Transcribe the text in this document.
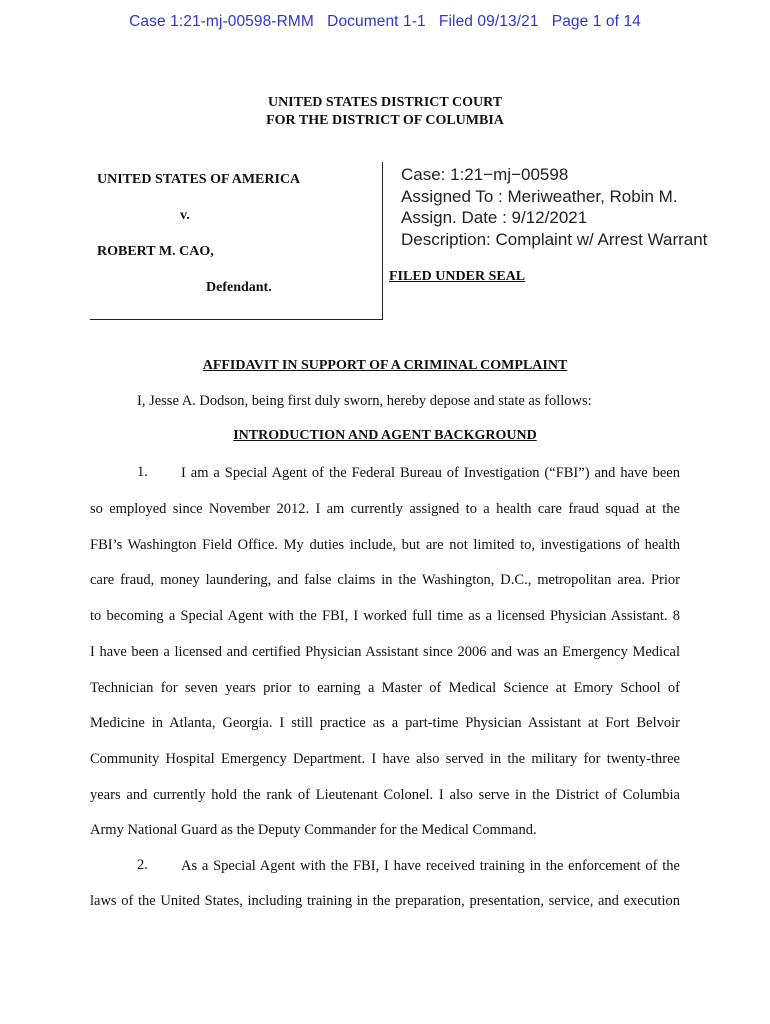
Case 1:21-mj-00598-RMM   Document 1-1   Filed 09/13/21   Page 1 of 14
UNITED STATES DISTRICT COURT
FOR THE DISTRICT OF COLUMBIA
UNITED STATES OF AMERICA
v.
ROBERT M. CAO,
Defendant.
Case: 1:21−mj−00598
Assigned To : Meriweather, Robin M.
Assign. Date : 9/12/2021
Description: Complaint w/ Arrest Warrant
FILED UNDER SEAL
AFFIDAVIT IN SUPPORT OF A CRIMINAL COMPLAINT
I, Jesse A. Dodson, being first duly sworn, hereby depose and state as follows:
INTRODUCTION AND AGENT BACKGROUND
1. I am a Special Agent of the Federal Bureau of Investigation (“FBI”) and have been
so employed since November 2012. I am currently assigned to a health care fraud squad at the
FBI’s Washington Field Office. My duties include, but are not limited to, investigations of health
care fraud, money laundering, and false claims in the Washington, D.C., metropolitan area. Prior
to becoming a Special Agent with the FBI, I worked full time as a licensed Physician Assistant. 8
I have been a licensed and certified Physician Assistant since 2006 and was an Emergency Medical
Technician for seven years prior to earning a Master of Medical Science at Emory School of
Medicine in Atlanta, Georgia. I still practice as a part-time Physician Assistant at Fort Belvoir
Community Hospital Emergency Department. I have also served in the military for twenty-three
years and currently hold the rank of Lieutenant Colonel. I also serve in the District of Columbia
Army National Guard as the Deputy Commander for the Medical Command.
2. As a Special Agent with the FBI, I have received training in the enforcement of the
laws of the United States, including training in the preparation, presentation, service, and execution
